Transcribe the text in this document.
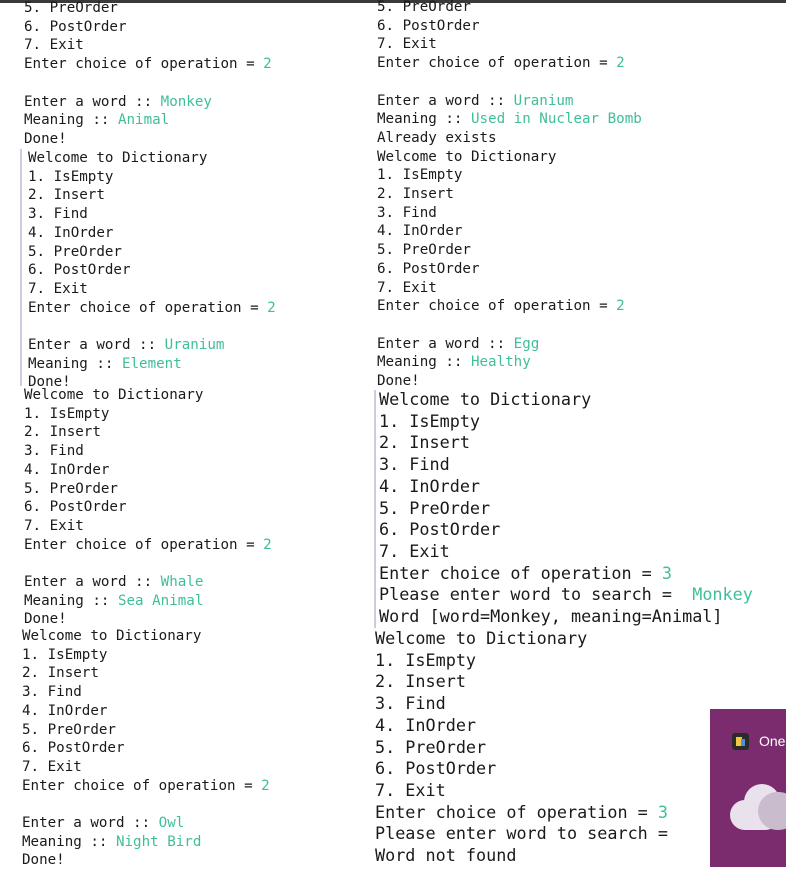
5. PreOrder
6. PostOrder
7. Exit
Enter choice of operation = 2

Enter a word :: Monkey
Meaning :: Animal
Done!
Welcome to Dictionary
1. IsEmpty
2. Insert
3. Find
4. InOrder
5. PreOrder
6. PostOrder
7. Exit
Enter choice of operation = 2

Enter a word :: Uranium
Meaning :: Element
Done!
Welcome to Dictionary
1. IsEmpty
2. Insert
3. Find
4. InOrder
5. PreOrder
6. PostOrder
7. Exit
Enter choice of operation = 2

Enter a word :: Whale
Meaning :: Sea Animal
Done!
Welcome to Dictionary
1. IsEmpty
2. Insert
3. Find
4. InOrder
5. PreOrder
6. PostOrder
7. Exit
Enter choice of operation = 2

Enter a word :: Owl
Meaning :: Night Bird
Done!
5. PreOrder
6. PostOrder
7. Exit
Enter choice of operation = 2

Enter a word :: Uranium
Meaning :: Used in Nuclear Bomb
Already exists
Welcome to Dictionary
1. IsEmpty
2. Insert
3. Find
4. InOrder
5. PreOrder
6. PostOrder
7. Exit
Enter choice of operation = 2

Enter a word :: Egg
Meaning :: Healthy
Done!
Welcome to Dictionary
1. IsEmpty
2. Insert
3. Find
4. InOrder
5. PreOrder
6. PostOrder
7. Exit
Enter choice of operation = 3
Please enter word to search =  Monkey
Word [word=Monkey, meaning=Animal]
Welcome to Dictionary
1. IsEmpty
2. Insert
3. Find
4. InOrder
5. PreOrder
6. PostOrder
7. Exit
Enter choice of operation = 3
Please enter word to search =
Word not found
One
